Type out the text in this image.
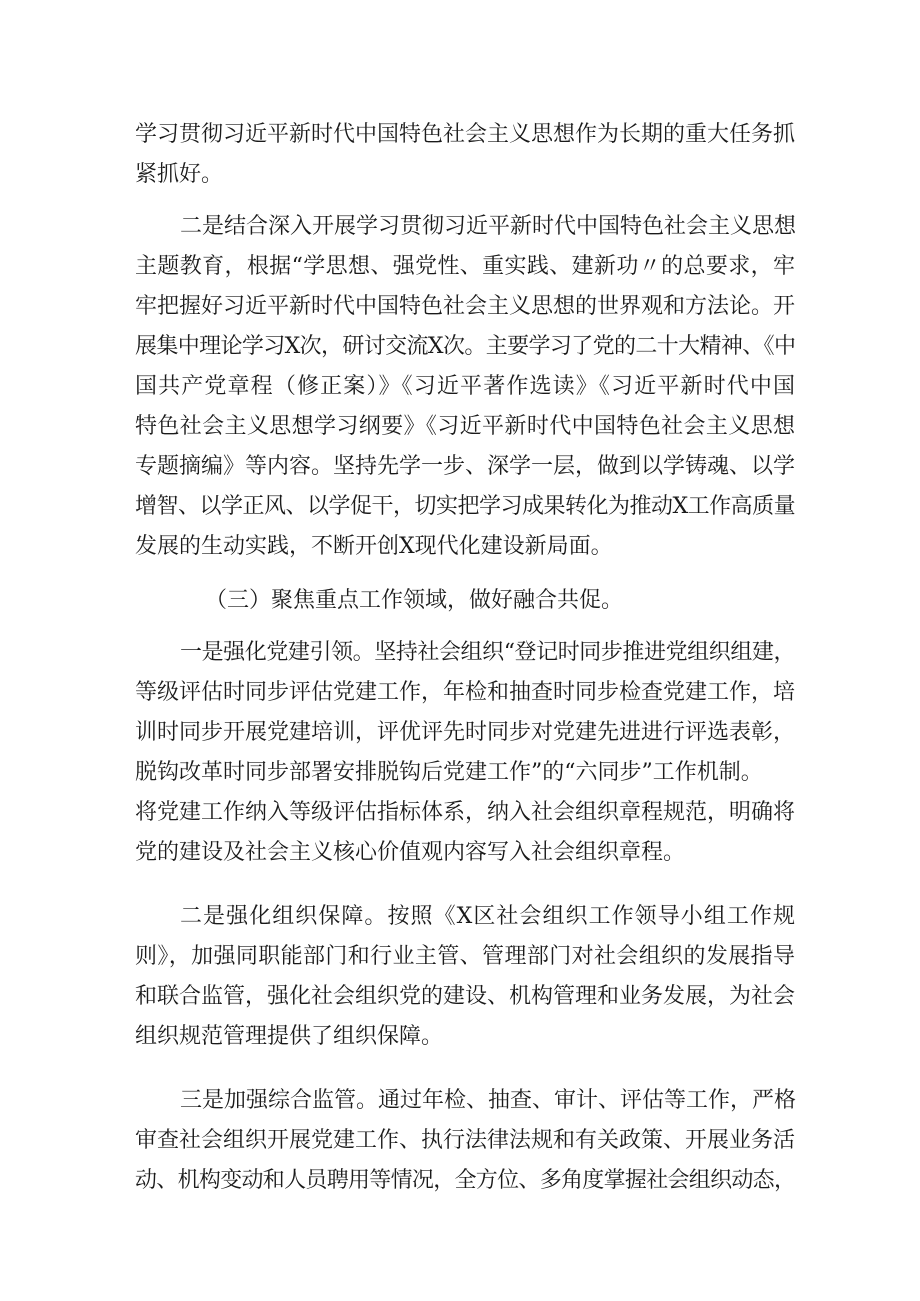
学习贯彻习近平新时代中国特色社会主义思想作为长期的重大任务抓
紧抓好。
二是结合深入开展学习贯彻习近平新时代中国特色社会主义思想
主题教育，根据“学思想、强党性、重实践、建新功〃的总要求，牢
牢把握好习近平新时代中国特色社会主义思想的世界观和方法论。开
展集中理论学习X次，研讨交流X次。主要学习了党的二十大精神、《中
国共产党章程（修正案）》《习近平著作选读》《习近平新时代中国
特色社会主义思想学习纲要》《习近平新时代中国特色社会主义思想
专题摘编》等内容。坚持先学一步、深学一层，做到以学铸魂、以学
增智、以学正风、以学促干，切实把学习成果转化为推动X工作高质量
发展的生动实践，不断开创X现代化建设新局面。
（三）聚焦重点工作领域，做好融合共促。
一是强化党建引领。坚持社会组织“登记时同步推进党组织组建，
等级评估时同步评估党建工作，年检和抽查时同步检查党建工作，培
训时同步开展党建培训，评优评先时同步对党建先进进行评选表彰，
脱钩改革时同步部署安排脱钩后党建工作”的“六同步”工作机制。
将党建工作纳入等级评估指标体系，纳入社会组织章程规范，明确将
党的建设及社会主义核心价值观内容写入社会组织章程。
二是强化组织保障。按照《X区社会组织工作领导小组工作规
则》，加强同职能部门和行业主管、管理部门对社会组织的发展指导
和联合监管，强化社会组织党的建设、机构管理和业务发展，为社会
组织规范管理提供了组织保障。
三是加强综合监管。通过年检、抽查、审计、评估等工作，严格
审查社会组织开展党建工作、执行法律法规和有关政策、开展业务活
动、机构变动和人员聘用等情况，全方位、多角度掌握社会组织动态，
